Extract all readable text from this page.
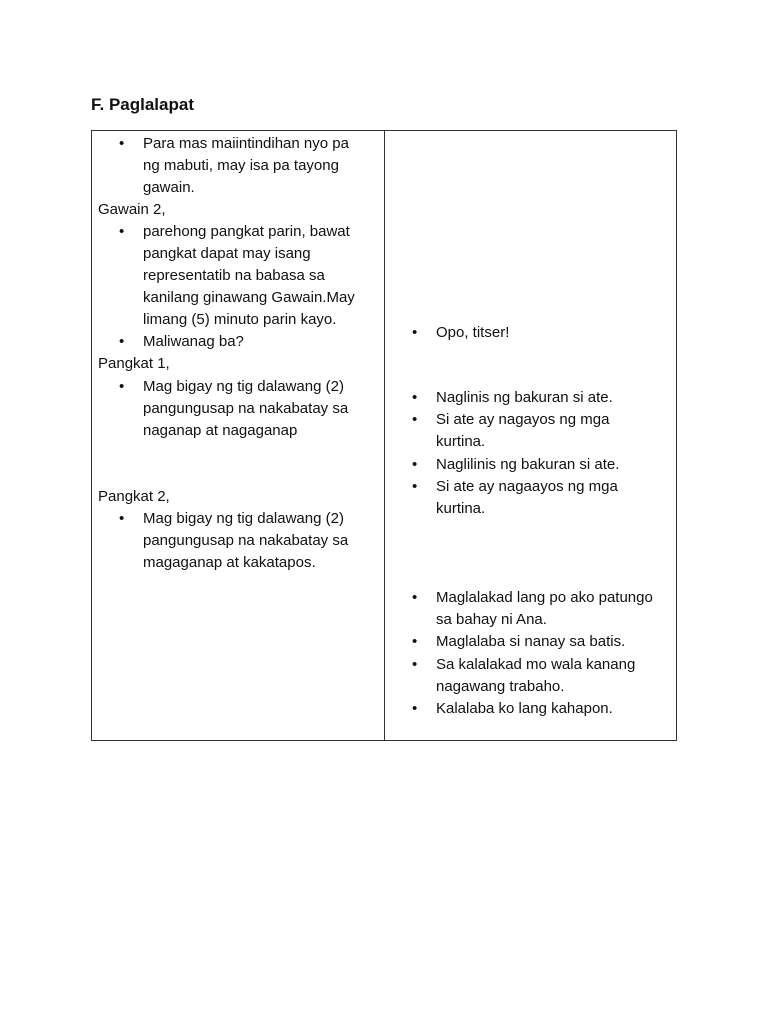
F. Paglalapat
• Para mas maiintindihan nyo pa
ng mabuti, may isa pa tayong
gawain.
Gawain 2,
• parehong pangkat parin, bawat
pangkat dapat may isang
representatib na babasa sa
kanilang ginawang Gawain.May
limang (5) minuto parin kayo.
• Maliwanag ba?
Pangkat 1,
• Mag bigay ng tig dalawang (2)
pangungusap na nakabatay sa
naganap at nagaganap
Pangkat 2,
• Mag bigay ng tig dalawang (2)
pangungusap na nakabatay sa
magaganap at kakatapos.
• Opo, titser!
• Naglinis ng bakuran si ate.
• Si ate ay nagayos ng mga
kurtina.
• Naglilinis ng bakuran si ate.
• Si ate ay nagaayos ng mga
kurtina.
• Maglalakad lang po ako patungo
sa bahay ni Ana.
• Maglalaba si nanay sa batis.
• Sa kalalakad mo wala kanang
nagawang trabaho.
• Kalalaba ko lang kahapon.
